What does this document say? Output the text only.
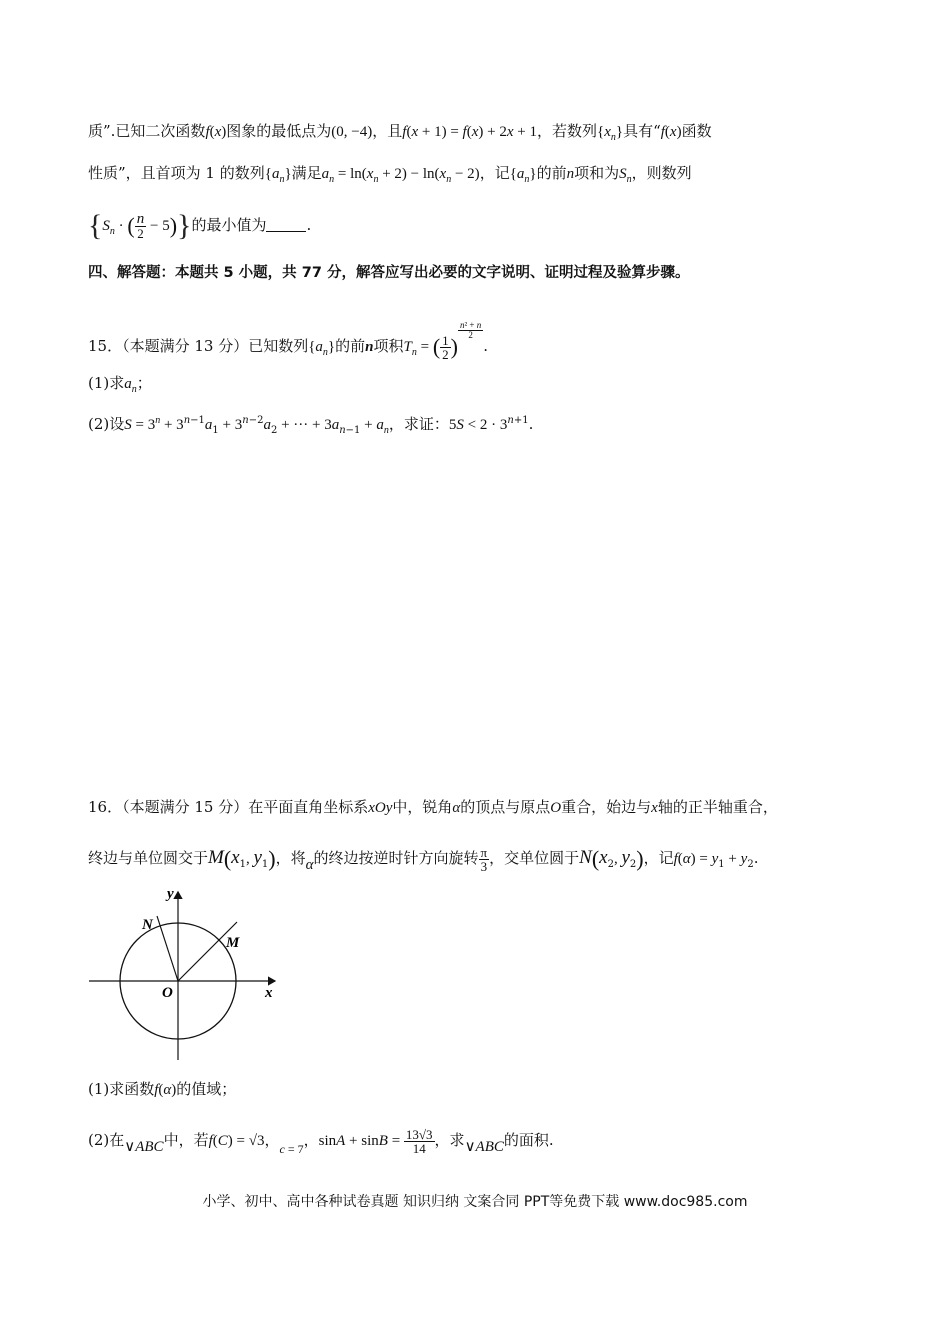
质”.已知二次函数f(x)图象的最低点为(0, −4)，且f(x + 1) = f(x) + 2x + 1，若数列$\{x_n\}$具有“f(x)函数
性质”，且首项为 1 的数列$\{a_n\}$满足$a_n = \ln(x_n + 2) - \ln(x_n - 2)$，记$\{a_n\}$的前n项和为$S_n$，则数列
{$S_n$ · ( $\frac{n}{2} - 5$)}的最小值为	.
四、解答题：本题共 5 小题，共 77 分，解答应写出必要的文字说明、证明过程及验算步骤。
15．（本题满分 13 分）已知数列$\{a_n\}$的前n项积$T_n$ = ( $\frac{1}{2}$ )
$^{\frac{\text{n² + n}}{2}}$
.
(1)求$a_n$；
(2)设$S = 3^n + 3^{n-1}a_1 + 3^{n-2}a_2$ + ··· + $3a_{n-1} + a_n$，求证：$5S < 2 \cdot 3^{n+1}$.
16．（本题满分 15 分）在平面直角坐标系xOy中，锐角α的顶点与原点O重合，始边与x轴的正半轴重合，
终边与单位圆交于$M(x_1$, $y_1$)，将α的终边按逆时针方向旋转 $\frac{\pi}{3}$ ，交单位圆于$N(x_2$, $y_2$)，记$f(\alpha) = y_1 + y_2$.
y
x
O
M
N
(1)求函数f(α)的值域；
(2)在∨ABC中，若f(C) = √3，$_c$ $_{= 7}$，$\sin A + \sin B = \frac{13√3}{14}$ ，求∨ABC的面积.
小学、初中、高中各种试卷真题 知识归纳 文案合同 PPT等免费下载 www.doc985.com
